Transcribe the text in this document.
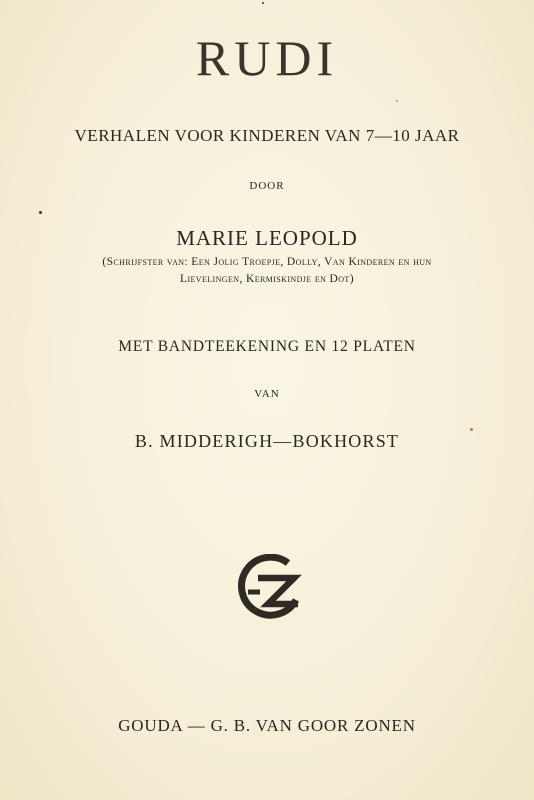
RUDI
VERHALEN VOOR KINDEREN VAN 7—10 JAAR
DOOR
MARIE LEOPOLD
(Schrijfster van: Een Jolig Troepje, Dolly, Van Kinderen en hun
Lievelingen, Kermiskindje en Dot)
MET BANDTEEKENING EN 12 PLATEN
VAN
B. MIDDERIGH—BOKHORST
GOUDA — G. B. VAN GOOR ZONEN
